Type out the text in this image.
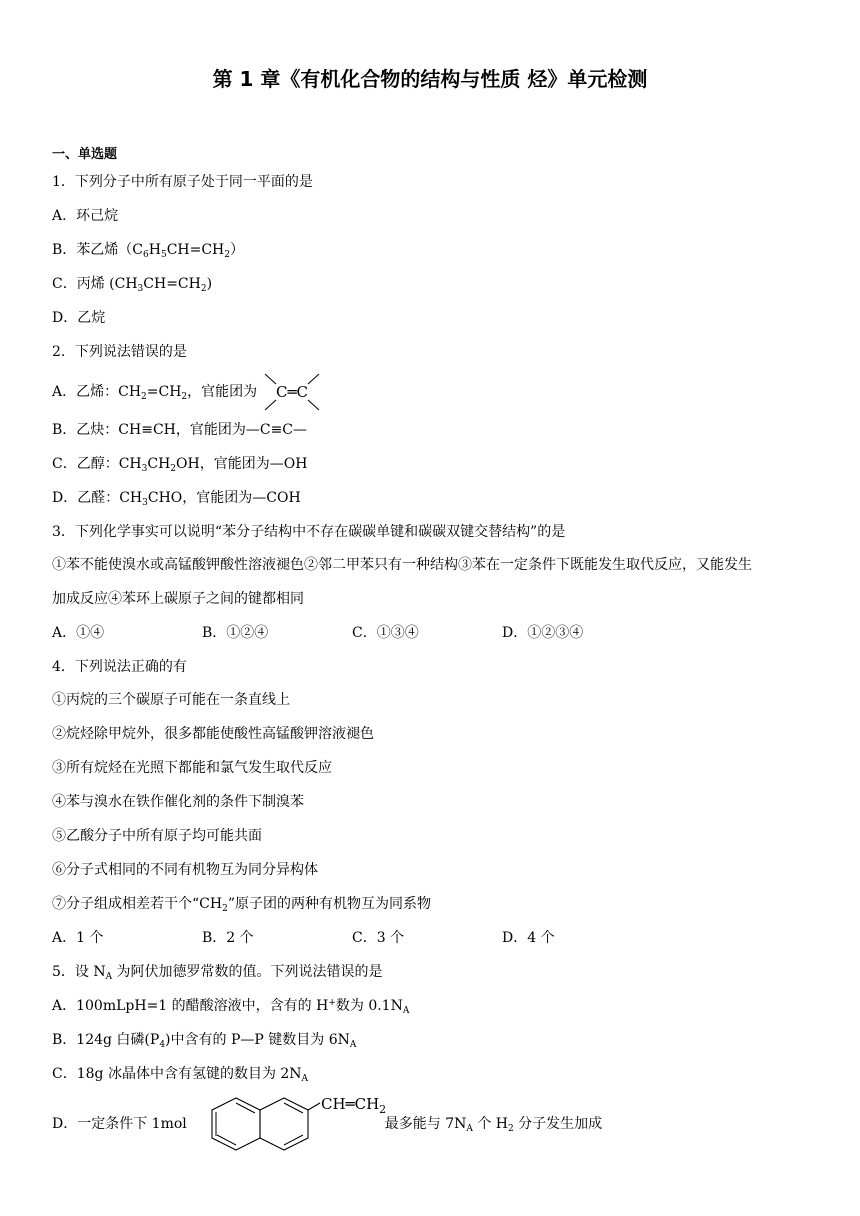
第 1 章《有机化合物的结构与性质 烃》单元检测
一、单选题
1．下列分子中所有原子处于同一平面的是
A．环己烷
B．苯乙烯$(C_6H_5CH=CH_2)$
C．丙烯 $(CH_3CH=CH_2)$
D．乙烷
2．下列说法错误的是
A．乙烯：$CH_2=CH_2$，官能团为 C═C
B．乙炔：CH≡CH，官能团为—C≡C—
C．乙醇：$CH_3CH_2OH$，官能团为—OH
D．乙醛：$CH_3CHO$，官能团为—COH
3．下列化学事实可以说明“苯分子结构中不存在碳碳单键和碳碳双键交替结构”的是
①苯不能使溴水或高锰酸钾酸性溶液褪色②邻二甲苯只有一种结构③苯在一定条件下既能发生取代反应，又能发生
加成反应④苯环上碳原子之间的键都相同
A．①④	B．①②④	C．①③④	D．①②③④
4．下列说法正确的有
①丙烷的三个碳原子可能在一条直线上
②烷烃除甲烷外，很多都能使酸性高锰酸钾溶液褪色
③所有烷烃在光照下都能和氯气发生取代反应
④苯与溴水在铁作催化剂的条件下制溴苯
⑤乙酸分子中所有原子均可能共面
⑥分子式相同的不同有机物互为同分异构体
⑦分子组成相差若干个“$CH_2$”原子团的两种有机物互为同系物
A．1 个	B．2 个	C．3 个	D．4 个
5．设 $N_A$ 为阿伏加德罗常数的值。下列说法错误的是
A．100mLpH=1 的醋酸溶液中，含有的 H+数为 $0.1N_A$
B．124g 白磷$(P_4)$中含有的 P—P 键数目为 $6N_A$
C．18g 冰晶体中含有氢键的数目为 $2N_A$
D．一定条件下 1mol
$CH═CH_2$
最多能与 $7N_A$ 个 $H_2$ 分子发生加成
